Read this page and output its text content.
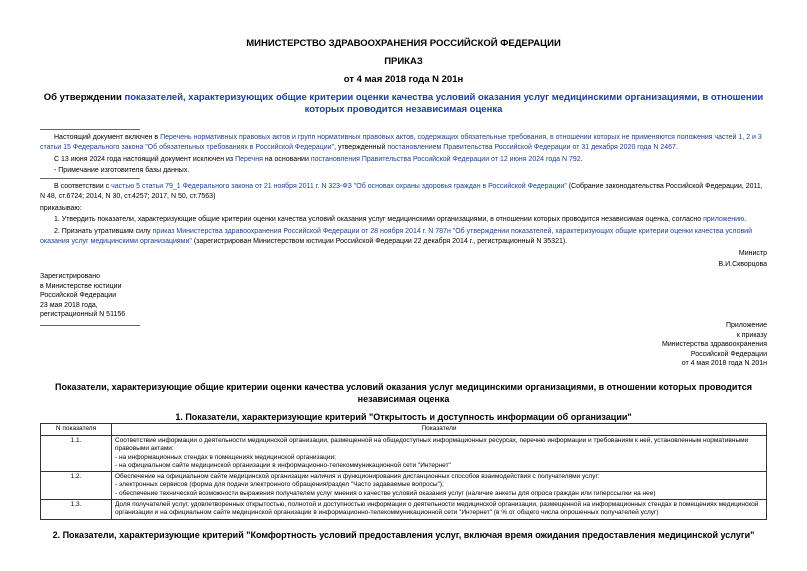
МИНИСТЕРСТВО ЗДРАВООХРАНЕНИЯ РОССИЙСКОЙ ФЕДЕРАЦИИ

ПРИКАЗ

от 4 мая 2018 года N 201н

Об утверждении показателей, характеризующих общие критерии оценки качества условий оказания услуг медицинскими организациями, в отношении которых проводится независимая оценка

Настоящий документ включен в Перечень нормативных правовых актов и групп нормативных правовых актов, содержащих обязательные требования, в отношении которых не применяются положения частей 1, 2 и 3 статьи 15 Федерального закона "Об обязательных требованиях в Российской Федерации", утвержденный постановлением Правительства Российской Федерации от 31 декабря 2020 года N 2467.

С 13 июня 2024 года настоящий документ исключен из Перечня на основании постановления Правительства Российской Федерации от 12 июня 2024 года N 792.

- Примечание изготовителя базы данных.

В соответствии с частью 5 статьи 79_1 Федерального закона от 21 ноября 2011 г. N 323-ФЗ "Об основах охраны здоровья граждан в Российской Федерации" (Собрание законодательства Российской Федерации, 2011, N 48, ст.6724; 2014, N 30, ст.4257; 2017, N 50, ст.7563)

приказываю:

1. Утвердить показатели, характеризующие общие критерии оценки качества условий оказания услуг медицинскими организациями, в отношении которых проводится независимая оценка, согласно приложению.

2. Признать утратившим силу приказ Министерства здравоохранения Российской Федерации от 28 ноября 2014 г. N 787н "Об утверждении показателей, характеризующих общие критерии оценки качества условий оказания услуг медицинскими организациями" (зарегистрирован Министерством юстиции Российской Федерации 22 декабря 2014 г., регистрационный N 35321).

Министр

В.И.Скворцова

Зарегистрировано
в Министерстве юстиции
Российской Федерации
23 мая 2018 года,
регистрационный N 51156
Приложение
к приказу
Министерства здравоохранения
Российской Федерации
от 4 мая 2018 года N 201н

Показатели, характеризующие общие критерии оценки качества условий оказания услуг медицинскими организациями, в отношении которых проводится независимая оценка

1. Показатели, характеризующие критерий "Открытость и доступность информации об организации"

N показателя	Показатели
1.1.	Соответствие информации о деятельности медицинской организации, размещенной на общедоступных информационных ресурсах, перечню информации и требованиям к ней, установленным нормативными правовыми актами:
- на информационных стендах в помещениях медицинской организации;
- на официальном сайте медицинской организации в информационно-телекоммуникационной сети "Интернет"

1.2.	Обеспечение на официальном сайте медицинской организации наличия и функционирования дистанционных способов взаимодействия с получателями услуг:
- электронных сервисов (форма для подачи электронного обращения/раздел "Часто задаваемые вопросы");
- обеспечение технической возможности выражения получателем услуг мнения о качестве условий оказания услуг (наличие анкеты для опроса граждан или гиперссылки на нее)

1.3.	Доля получателей услуг, удовлетворенных открытостью, полнотой и доступностью информации о деятельности медицинской организации, размещенной на информационных стендах в помещениях медицинской организации и на официальном сайте медицинской организации в информационно-телекоммуникационной сети "Интернет" (в % от общего числа опрошенных получателей услуг)

2. Показатели, характеризующие критерий "Комфортность условий предоставления услуг, включая время ожидания предоставления медицинской услуги"
